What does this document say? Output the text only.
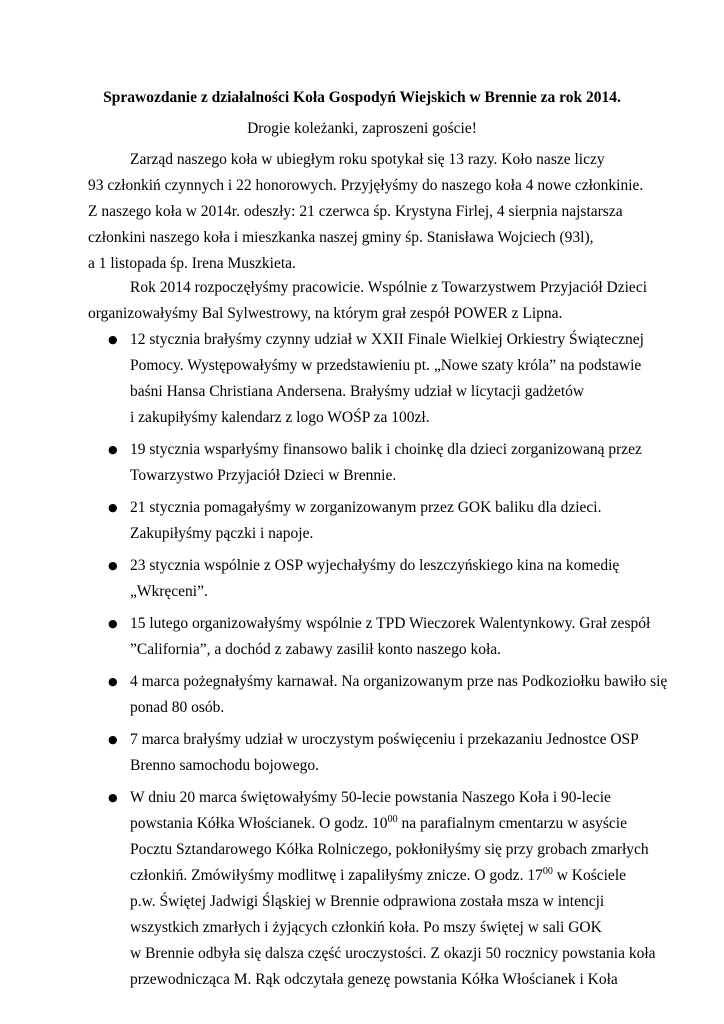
Sprawozdanie z działalności Koła Gospodyń Wiejskich w Brennie za rok 2014.
Drogie koleżanki, zaproszeni goście!
Zarząd naszego koła w ubiegłym roku spotykał się 13 razy. Koło nasze liczy
93 członkiń czynnych i 22 honorowych. Przyjęłyśmy do naszego koła 4 nowe członkinie.
Z naszego koła w 2014r. odeszły: 21 czerwca śp. Krystyna Firlej, 4 sierpnia najstarsza
członkini naszego koła i mieszkanka naszej gminy śp. Stanisława Wojciech (93l),
a 1 listopada śp. Irena Muszkieta.
Rok 2014 rozpoczęłyśmy pracowicie. Wspólnie z Towarzystwem Przyjaciół Dzieci
organizowałyśmy Bal Sylwestrowy, na którym grał zespół POWER z Lipna.
● 12 stycznia brałyśmy czynny udział w XXII Finale Wielkiej Orkiestry Świątecznej
Pomocy. Występowałyśmy w przedstawieniu pt. „Nowe szaty króla” na podstawie
baśni Hansa Christiana Andersena. Brałyśmy udział w licytacji gadżetów
i zakupiłyśmy kalendarz z logo WOŚP za 100zł.
● 19 stycznia wsparłyśmy finansowo balik i choinkę dla dzieci zorganizowaną przez
Towarzystwo Przyjaciół Dzieci w Brennie.
● 21 stycznia pomagałyśmy w zorganizowanym przez GOK baliku dla dzieci.
Zakupiłyśmy pączki i napoje.
● 23 stycznia wspólnie z OSP wyjechałyśmy do leszczyńskiego kina na komedię
„Wkręceni”.
● 15 lutego organizowałyśmy wspólnie z TPD Wieczorek Walentynkowy. Grał zespół
”California”, a dochód z zabawy zasilił konto naszego koła.
● 4 marca pożegnałyśmy karnawał. Na organizowanym prze nas Podkoziołku bawiło się
ponad 80 osób.
● 7 marca brałyśmy udział w uroczystym poświęceniu i przekazaniu Jednostce OSP
Brenno samochodu bojowego.
● W dniu 20 marca świętowałyśmy 50-lecie powstania Naszego Koła i 90-lecie
powstania Kółka Włościanek. O godz. $10^{00}$ na parafialnym cmentarzu w asyście
Pocztu Sztandarowego Kółka Rolniczego, pokłoniłyśmy się przy grobach zmarłych
członkiń. Zmówiłyśmy modlitwę i zapaliłyśmy znicze. O godz. $17^{00}$ w Kościele
p.w. Świętej Jadwigi Śląskiej w Brennie odprawiona została msza w intencji
wszystkich zmarłych i żyjących członkiń koła. Po mszy świętej w sali GOK
w Brennie odbyła się dalsza część uroczystości. Z okazji 50 rocznicy powstania koła
przewodnicząca M. Rąk odczytała genezę powstania Kółka Włościanek i Koła
